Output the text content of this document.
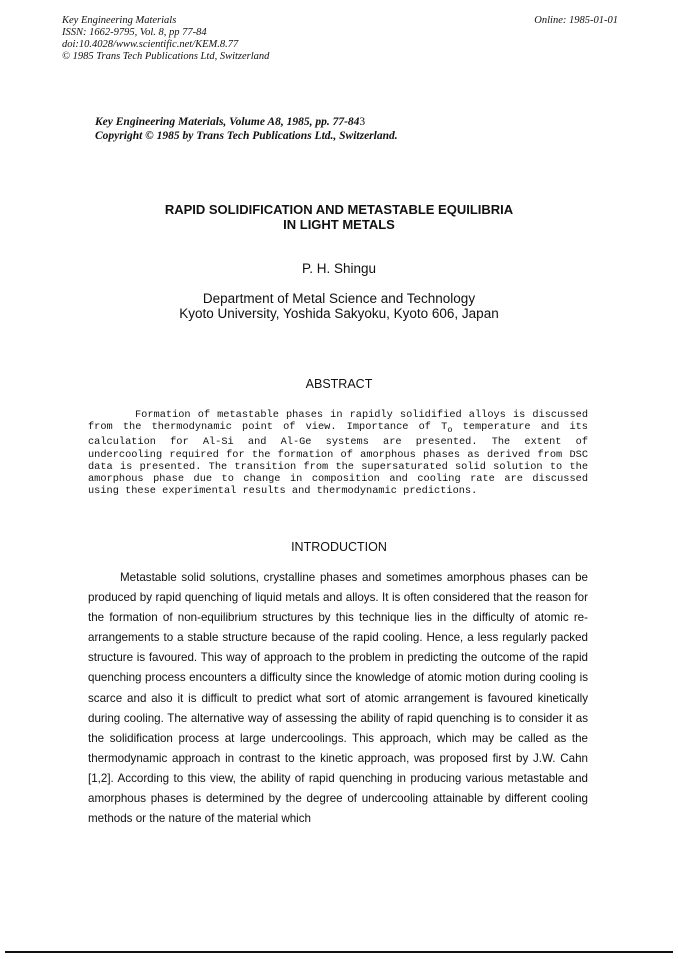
Key Engineering Materials
ISSN: 1662-9795, Vol. 8, pp 77-84
doi:10.4028/www.scientific.net/KEM.8.77
© 1985 Trans Tech Publications Ltd, Switzerland
Online: 1985-01-01
Key Engineering Materials, Volume A8, 1985, pp. 77-843
Copyright © 1985 by Trans Tech Publications Ltd., Switzerland.
RAPID SOLIDIFICATION AND METASTABLE EQUILIBRIA
IN LIGHT METALS
P. H. Shingu
Department of Metal Science and Technology
Kyoto University, Yoshida Sakyoku, Kyoto 606, Japan
ABSTRACT

Formation of metastable phases in rapidly solidified alloys is discussed from the thermodynamic point of view. Importance of $T_o$ temperature and its calculation for Al-Si and Al-Ge systems are presented. The extent of undercooling required for the formation of amorphous phases as derived from DSC data is presented. The transition from the supersaturated solid solution to the amorphous phase due to change in composition and cooling rate are discussed using these experimental results and thermodynamic predictions.

INTRODUCTION

Metastable solid solutions, crystalline phases and sometimes amorphous phases can be produced by rapid quenching of liquid metals and alloys. It is often considered that the reason for the formation of non-equilibrium structures by this technique lies in the difficulty of atomic re-arrangements to a stable structure because of the rapid cooling. Hence, a less regularly packed structure is favoured. This way of approach to the problem in predicting the outcome of the rapid quenching process encounters a difficulty since the knowledge of atomic motion during cooling is scarce and also it is difficult to predict what sort of atomic arrangement is favoured kinetically during cooling. The alternative way of assessing the ability of rapid quenching is to consider it as the solidification process at large undercoolings. This approach, which may be called as the thermodynamic approach in contrast to the kinetic approach, was proposed first by J.W. Cahn [1,2]. According to this view, the ability of rapid quenching in producing various metastable and amorphous phases is determined by the degree of undercooling attainable by different cooling methods or the nature of the material which
